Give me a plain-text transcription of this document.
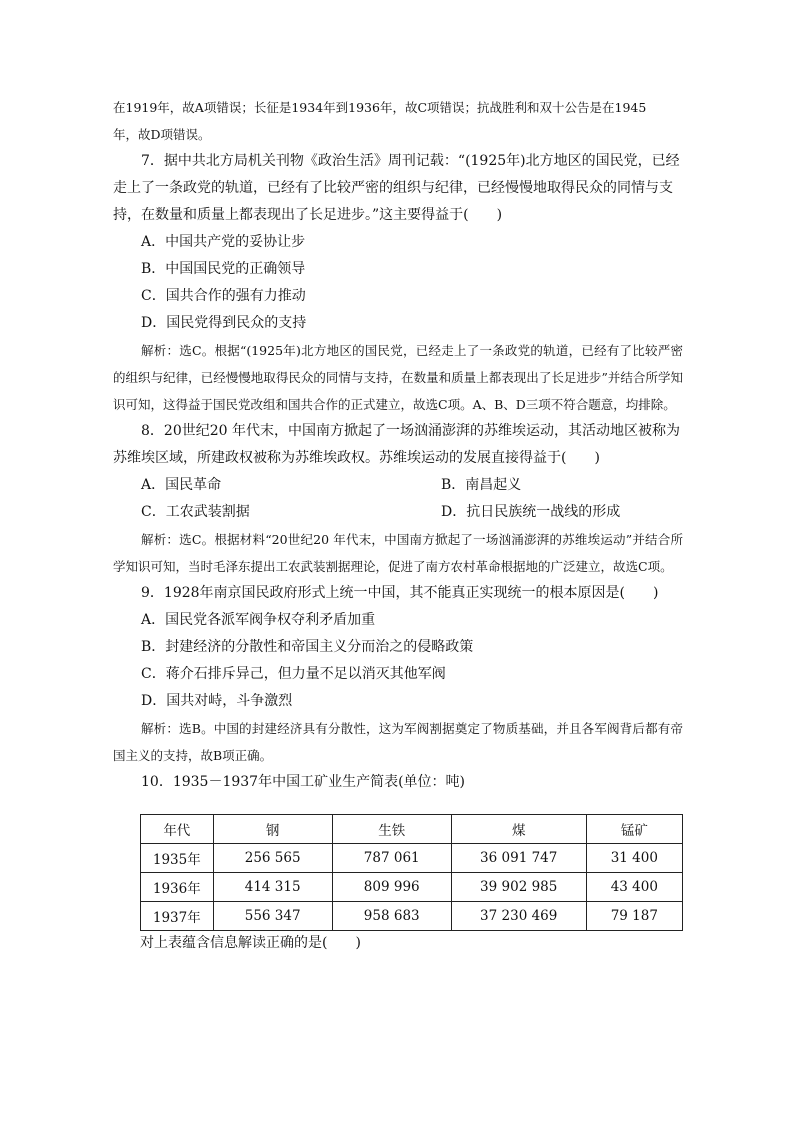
在1919年，故A项错误；长征是1934年到1936年，故C项错误；抗战胜利和双十公告是在1945

年，故D项错误。

7．据中共北方局机关刊物《政治生活》周刊记载：“(1925年)北方地区的国民党，已经走上了一条政党的轨道，已经有了比较严密的组织与纪律，已经慢慢地取得民众的同情与支持，在数量和质量上都表现出了长足进步。”这主要得益于(　　)

A．中国共产党的妥协让步

B．中国国民党的正确领导

C．国共合作的强有力推动

D．国民党得到民众的支持

解析：选C。根据“(1925年)北方地区的国民党，已经走上了一条政党的轨道，已经有了比较严密的组织与纪律，已经慢慢地取得民众的同情与支持，在数量和质量上都表现出了长足进步”并结合所学知识可知，这得益于国民党改组和国共合作的正式建立，故选C项。A、B、D三项不符合题意，均排除。

8．20世纪20 年代末，中国南方掀起了一场汹涌澎湃的苏维埃运动，其活动地区被称为苏维埃区域，所建政权被称为苏维埃政权。苏维埃运动的发展直接得益于(　　)

A．国民革命	B．南昌起义
C．工农武装割据	D．抗日民族统一战线的形成

解析：选C。根据材料“20世纪20 年代末，中国南方掀起了一场汹涌澎湃的苏维埃运动”并结合所学知识可知，当时毛泽东提出工农武装割据理论，促进了南方农村革命根据地的广泛建立，故选C项。

9．1928年南京国民政府形式上统一中国，其不能真正实现统一的根本原因是(　　)

A．国民党各派军阀争权夺利矛盾加重

B．封建经济的分散性和帝国主义分而治之的侵略政策

C．蒋介石排斥异己，但力量不足以消灭其他军阀

D．国共对峙，斗争激烈

解析：选B。中国的封建经济具有分散性，这为军阀割据奠定了物质基础，并且各军阀背后都有帝国主义的支持，故B项正确。

10．1935－1937年中国工矿业生产简表(单位：吨)

年代	钢	生铁	煤	锰矿
1935年	256 565	787 061	36 091 747	31 400
1936年	414 315	809 996	39 902 985	43 400
1937年	556 347	958 683	37 230 469	79 187

对上表蕴含信息解读正确的是(　　)
